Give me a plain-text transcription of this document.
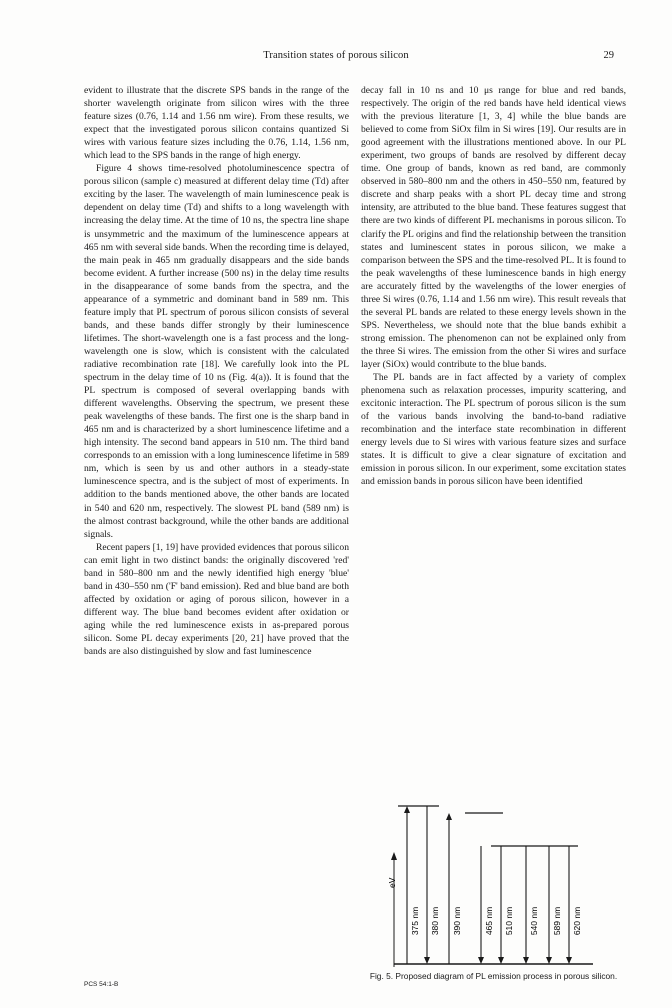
Transition states of porous silicon	29

evident to illustrate that the discrete SPS bands in the range of the shorter wavelength originate from silicon wires with the three feature sizes (0.76, 1.14 and 1.56 nm wire). From these results, we expect that the investigated porous silicon contains quantized Si wires with various feature sizes including the 0.76, 1.14, 1.56 nm, which lead to the SPS bands in the range of high energy.

Figure 4 shows time-resolved photoluminescence spectra of porous silicon (sample c) measured at different delay time (Td) after exciting by the laser. The wavelength of main luminescence peak is dependent on delay time (Td) and shifts to a long wavelength with increasing the delay time. At the time of 10 ns, the spectra line shape is unsymmetric and the maximum of the luminescence appears at 465 nm with several side bands. When the recording time is delayed, the main peak in 465 nm gradually disappears and the side bands become evident. A further increase (500 ns) in the delay time results in the disappearance of some bands from the spectra, and the appearance of a symmetric and dominant band in 589 nm. This feature imply that PL spectrum of porous silicon consists of several bands, and these bands differ strongly by their luminescence lifetimes. The short-wavelength one is a fast process and the long-wavelength one is slow, which is consistent with the calculated radiative recombination rate [18]. We carefully look into the PL spectrum in the delay time of 10 ns (Fig. 4(a)). It is found that the PL spectrum is composed of several overlapping bands with different wavelengths. Observing the spectrum, we present these peak wavelengths of these bands. The first one is the sharp band in 465 nm and is characterized by a short luminescence lifetime and a high intensity. The second band appears in 510 nm. The third band corresponds to an emission with a long luminescence lifetime in 589 nm, which is seen by us and other authors in a steady-state luminescence spectra, and is the subject of most of experiments. In addition to the bands mentioned above, the other bands are located in 540 and 620 nm, respectively. The slowest PL band (589 nm) is the almost contrast background, while the other bands are additional signals.

Recent papers [1, 19] have provided evidences that porous silicon can emit light in two distinct bands: the originally discovered 'red' band in 580–800 nm and the newly identified high energy 'blue' band in 430–550 nm ('F' band emission). Red and blue band are both affected by oxidation or aging of porous silicon, however in a different way. The blue band becomes evident after oxidation or aging while the red luminescence exists in as-prepared porous silicon. Some PL decay experiments [20, 21] have proved that the bands are also distinguished by slow and fast luminescence

decay fall in 10 ns and 10 μs range for blue and red bands, respectively. The origin of the red bands have held identical views with the previous literature [1, 3, 4] while the blue bands are believed to come from SiOx film in Si wires [19]. Our results are in good agreement with the illustrations mentioned above. In our PL experiment, two groups of bands are resolved by different decay time. One group of bands, known as red band, are commonly observed in 580–800 nm and the others in 450–550 nm, featured by discrete and sharp peaks with a short PL decay time and strong intensity, are attributed to the blue band. These features suggest that there are two kinds of different PL mechanisms in porous silicon. To clarify the PL origins and find the relationship between the transition states and luminescent states in porous silicon, we make a comparison between the SPS and the time-resolved PL. It is found to the peak wavelengths of these luminescence bands in high energy are accurately fitted by the wavelengths of the lower energies of three Si wires (0.76, 1.14 and 1.56 nm wire). This result reveals that the several PL bands are related to these energy levels shown in the SPS. Nevertheless, we should note that the blue bands exhibit a strong emission. The phenomenon can not be explained only from the three Si wires. The emission from the other Si wires and surface layer (SiOx) would contribute to the blue bands.

The PL bands are in fact affected by a variety of complex phenomena such as relaxation processes, impurity scattering, and excitonic interaction. The PL spectrum of porous silicon is the sum of the various bands involving the band-to-band radiative recombination and the interface state recombination in different energy levels due to Si wires with various feature sizes and surface states. It is difficult to give a clear signature of excitation and emission in porous silicon. In our experiment, some excitation states and emission bands in porous silicon have been identified

eV
375 nm 380 nm 390 nm	465 nm 510 nm 540 nm 589 nm 620 nm
Fig. 5. Proposed diagram of PL emission process in porous silicon.
PCS 54:1-B
